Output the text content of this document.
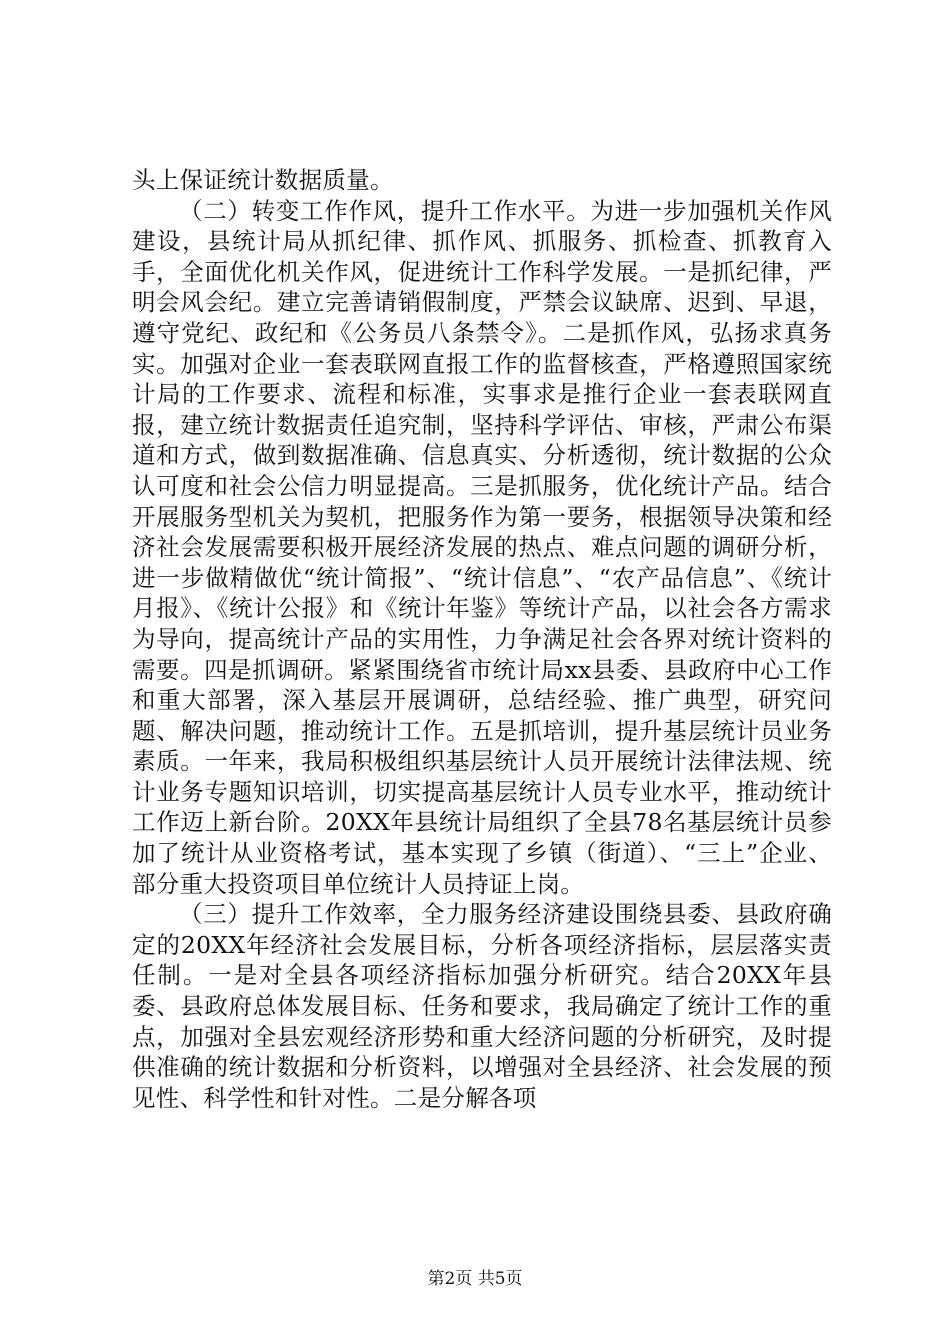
头上保证统计数据质量。

（二）转变工作作风，提升工作水平。为进一步加强机关作风建设，县统计局从抓纪律、抓作风、抓服务、抓检查、抓教育入手，全面优化机关作风，促进统计工作科学发展。一是抓纪律，严明会风会纪。建立完善请销假制度，严禁会议缺席、迟到、早退，遵守党纪、政纪和《公务员八条禁令》。二是抓作风，弘扬求真务实。加强对企业一套表联网直报工作的监督核查，严格遵照国家统计局的工作要求、流程和标准，实事求是推行企业一套表联网直报，建立统计数据责任追究制，坚持科学评估、审核，严肃公布渠道和方式，做到数据准确、信息真实、分析透彻，统计数据的公众认可度和社会公信力明显提高。三是抓服务，优化统计产品。结合开展服务型机关为契机，把服务作为第一要务，根据领导决策和经济社会发展需要积极开展经济发展的热点、难点问题的调研分析，进一步做精做优“统计简报”、“统计信息”、“农产品信息”、《统计月报》、《统计公报》和《统计年鉴》等统计产品，以社会各方需求为导向，提高统计产品的实用性，力争满足社会各界对统计资料的需要。四是抓调研。紧紧围绕省市统计局xx县委、县政府中心工作和重大部署，深入基层开展调研，总结经验、推广典型，研究问题、解决问题，推动统计工作。五是抓培训，提升基层统计员业务素质。一年来，我局积极组织基层统计人员开展统计法律法规、统计业务专题知识培训，切实提高基层统计人员专业水平，推动统计工作迈上新台阶。20XX年县统计局组织了全县78名基层统计员参加了统计从业资格考试，基本实现了乡镇（街道）、“三上”企业、部分重大投资项目单位统计人员持证上岗。

（三）提升工作效率，全力服务经济建设围绕县委、县政府确定的20XX年经济社会发展目标，分析各项经济指标，层层落实责任制。一是对全县各项经济指标加强分析研究。结合20XX年县委、县政府总体发展目标、任务和要求，我局确定了统计工作的重点，加强对全县宏观经济形势和重大经济问题的分析研究，及时提供准确的统计数据和分析资料，以增强对全县经济、社会发展的预见性、科学性和针对性。二是分解各项

第2页 共5页
